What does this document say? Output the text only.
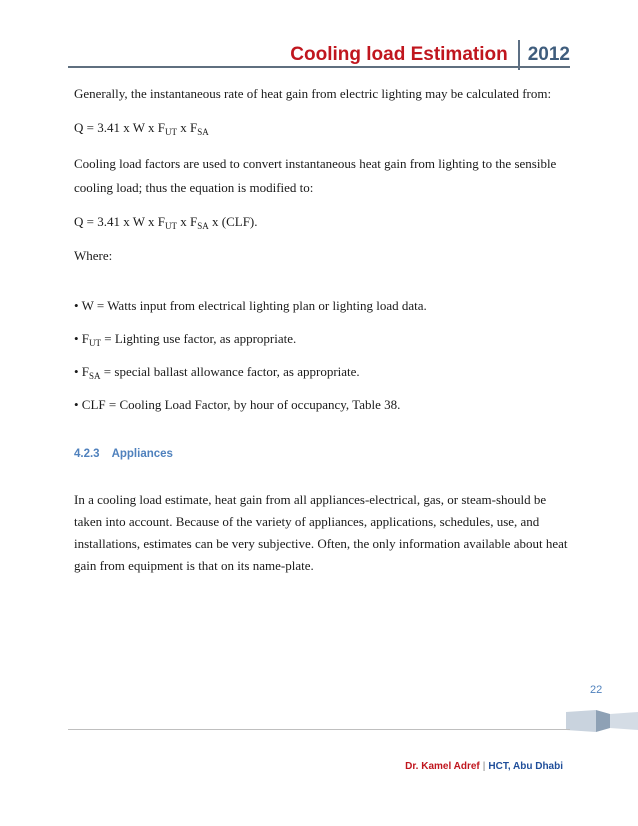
Cooling load Estimation	2012

Generally, the instantaneous rate of heat gain from electric lighting may be calculated from:

Q = 3.41 x W x $F_{UT}$ x $F_{SA}$

Cooling load factors are used to convert instantaneous heat gain from lighting to the sensible cooling load; thus the equation is modified to:

Q = 3.41 x W x $F_{UT}$ x $F_{SA}$ x (CLF).

Where:

• W = Watts input from electrical lighting plan or lighting load data.

• $F_{UT}$ = Lighting use factor, as appropriate.

• $F_{SA}$ = special ballast allowance factor, as appropriate.

• CLF = Cooling Load Factor, by hour of occupancy, Table 38.

4.2.3 Appliances

In a cooling load estimate, heat gain from all appliances-electrical, gas, or steam-should be taken into account. Because of the variety of appliances, applications, schedules, use, and installations, estimates can be very subjective. Often, the only information available about heat gain from equipment is that on its name-plate.

22
Dr. Kamel Adref | HCT, Abu Dhabi
